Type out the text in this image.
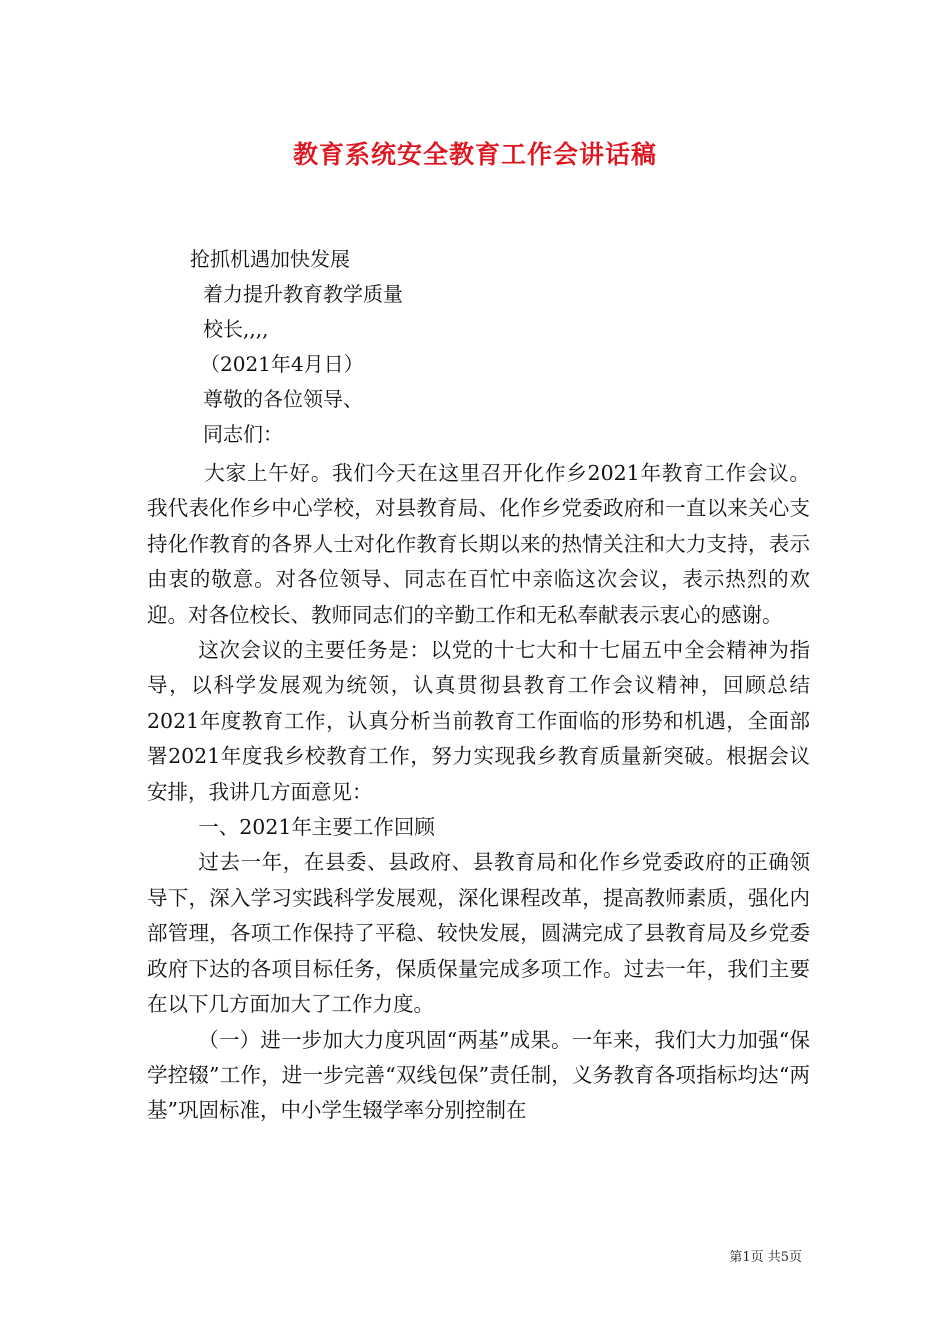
教育系统安全教育工作会讲话稿

抢抓机遇加快发展

着力提升教育教学质量

校长,,,,

（2021年4月日）

尊敬的各位领导、

同志们：

大家上午好。我们今天在这里召开化作乡2021年教育工作会议。我代表化作乡中心学校，对县教育局、化作乡党委政府和一直以来关心支持化作教育的各界人士对化作教育长期以来的热情关注和大力支持，表示由衷的敬意。对各位领导、同志在百忙中亲临这次会议，表示热烈的欢迎。对各位校长、教师同志们的辛勤工作和无私奉献表示衷心的感谢。

这次会议的主要任务是：以党的十七大和十七届五中全会精神为指导，以科学发展观为统领，认真贯彻县教育工作会议精神，回顾总结2021年度教育工作，认真分析当前教育工作面临的形势和机遇，全面部署2021年度我乡校教育工作，努力实现我乡教育质量新突破。根据会议安排，我讲几方面意见：

一、2021年主要工作回顾

过去一年，在县委、县政府、县教育局和化作乡党委政府的正确领导下，深入学习实践科学发展观，深化课程改革，提高教师素质，强化内部管理，各项工作保持了平稳、较快发展，圆满完成了县教育局及乡党委政府下达的各项目标任务，保质保量完成多项工作。过去一年，我们主要在以下几方面加大了工作力度。

（一）进一步加大力度巩固“两基”成果。一年来，我们大力加强“保学控辍”工作，进一步完善“双线包保”责任制，义务教育各项指标均达“两基”巩固标准，中小学生辍学率分别控制在

第1页 共5页
